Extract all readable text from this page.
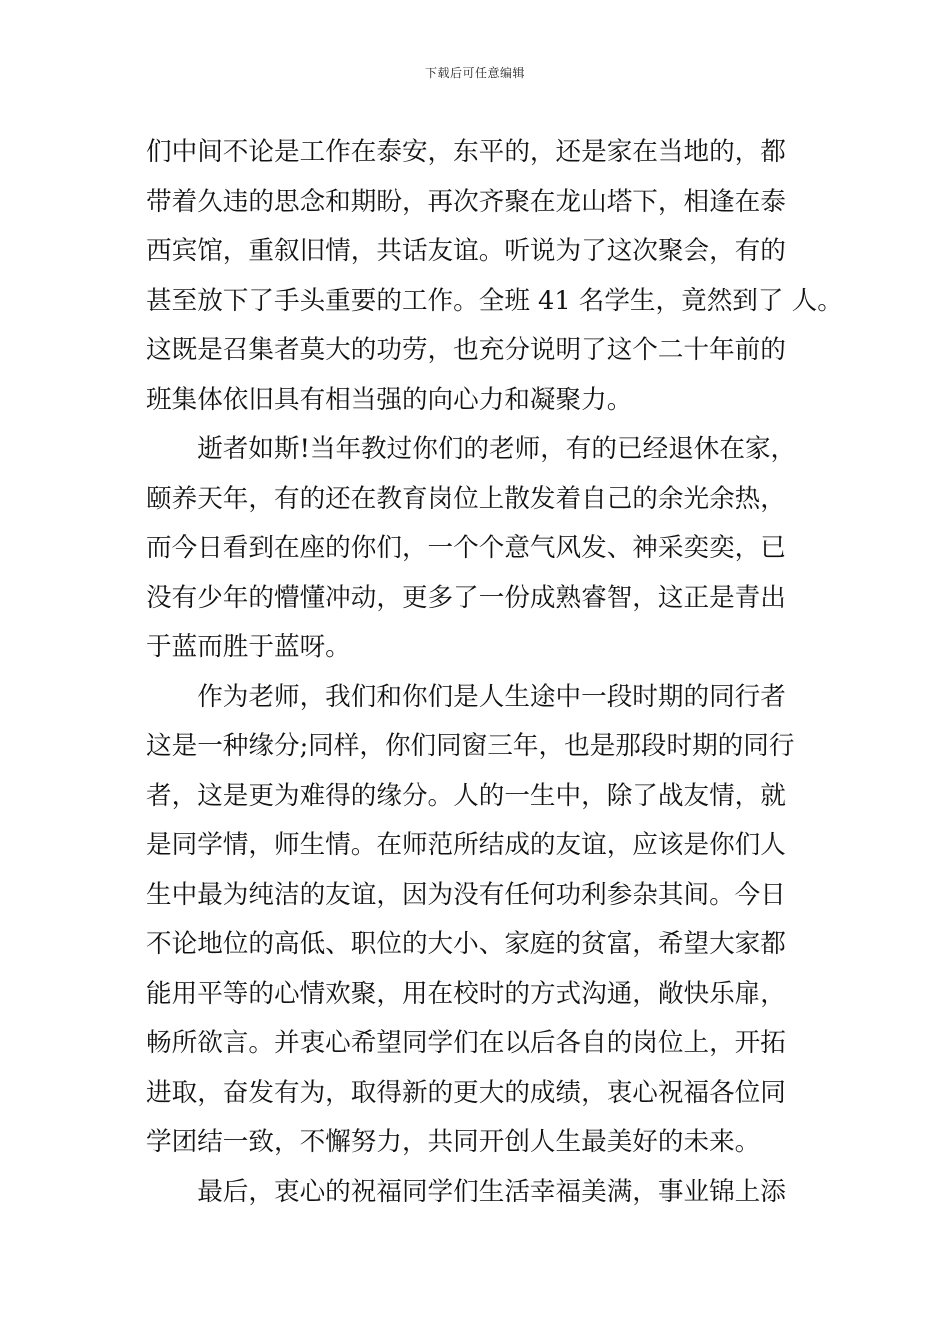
下载后可任意编辑
们中间不论是工作在泰安，东平的，还是家在当地的，都
带着久违的思念和期盼，再次齐聚在龙山塔下，相逢在泰
西宾馆，重叙旧情，共话友谊。听说为了这次聚会，有的
甚至放下了手头重要的工作。全班 41 名学生，竟然到了 人。
这既是召集者莫大的功劳，也充分说明了这个二十年前的
班集体依旧具有相当强的向心力和凝聚力。
　　逝者如斯!当年教过你们的老师，有的已经退休在家，
颐养天年，有的还在教育岗位上散发着自己的余光余热，
而今日看到在座的你们，一个个意气风发、神采奕奕，已
没有少年的懵懂冲动，更多了一份成熟睿智，这正是青出
于蓝而胜于蓝呀。
　　作为老师，我们和你们是人生途中一段时期的同行者
这是一种缘分;同样，你们同窗三年，也是那段时期的同行
者，这是更为难得的缘分。人的一生中，除了战友情，就
是同学情，师生情。在师范所结成的友谊，应该是你们人
生中最为纯洁的友谊，因为没有任何功利参杂其间。今日
不论地位的高低、职位的大小、家庭的贫富，希望大家都
能用平等的心情欢聚，用在校时的方式沟通，敞快乐扉，
畅所欲言。并衷心希望同学们在以后各自的岗位上，开拓
进取，奋发有为，取得新的更大的成绩，衷心祝福各位同
学团结一致，不懈努力，共同开创人生最美好的未来。
　　最后，衷心的祝福同学们生活幸福美满，事业锦上添
